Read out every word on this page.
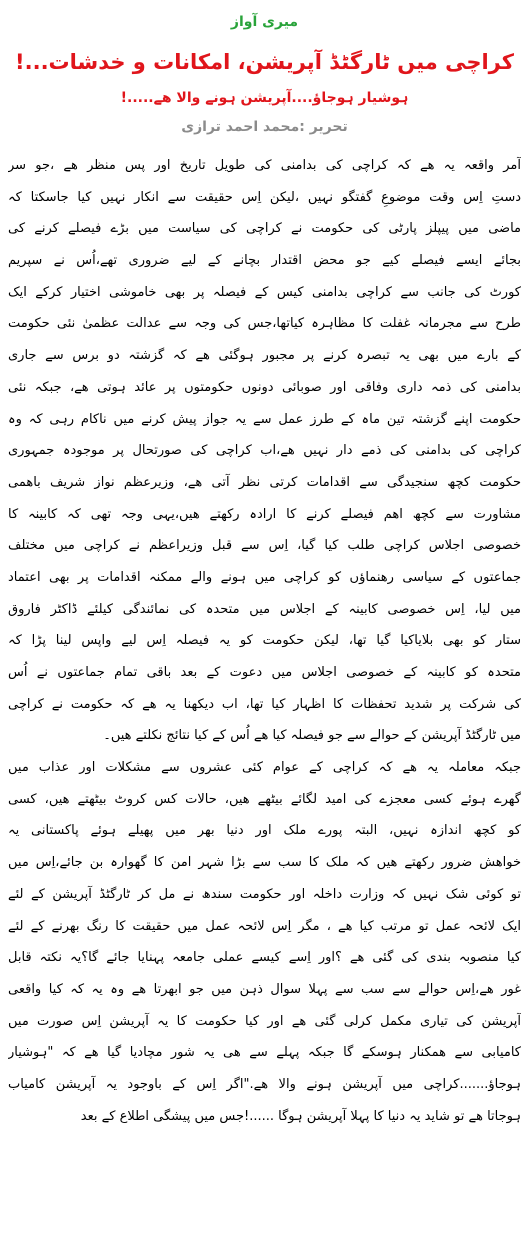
میری آواز
کراچی میں ٹارگٹڈ آپریشن، امکانات و خدشات...!
ہوشیار ہوجاؤ....آپریشن ہونے والا ھے.....!
تحریر :محمد احمد ترازی
آمر واقعہ یہ ھے کہ کراچی کی بدامنی کی طویل تاریخ اور پس منظر ھے ،جو سر
دستِ اِس وقت موضوعِ گفتگو نہیں ،لیکن اِس حقیقت سے انکار نہیں کیا جاسکتا کہ
ماضی میں پیپلز پارٹی کی حکومت نے کراچی کی سیاست میں بڑے فیصلے کرنے کی
بجائے ایسے فیصلے کیے جو محض اقتدار بچانے کے لیے ضروری تھے،اُس نے سپریم
کورٹ کی جانب سے کراچی بدامنی کیس کے فیصلہ پر بھی خاموشی اختیار کرکے ایک
طرح سے مجرمانہ غفلت کا مظاہرہ کیاتھا،جس کی وجہ سے عدالت عظمیٰ نئی حکومت
کے بارے میں بھی یہ تبصرہ کرنے پر مجبور ہوگئی ھے کہ گزشتہ دو برس سے جاری
بدامنی کی ذمہ داری وفاقی اور صوبائی دونوں حکومتوں پر عائد ہوتی ھے، جبکہ نئی
حکومت اپنے گزشتہ تین ماہ کے طرز عمل سے یہ جواز پیش کرنے میں ناکام رہی کہ وہ
کراچی کی بدامنی کی ذمے دار نہیں ھے،اب کراچی کی صورتحال پر موجودہ جمہوری
حکومت کچھ سنجیدگی سے اقدامات کرتی نظر آتی ھے، وزیرعظم نواز شریف باھمی
مشاورت سے کچھ اھم فیصلے کرنے کا ارادہ رکھتے ھیں،یہی وجہ تھی کہ کابینہ کا
خصوصی اجلاس کراچی طلب کیا گیا، اِس سے قبل وزیراعظم نے کراچی میں مختلف
جماعتوں کے سیاسی رھنماؤں کو کراچی میں ہونے والے ممکنہ اقدامات پر بھی اعتماد
میں لیا، اِس خصوصی کابینہ کے اجلاس میں متحدہ کی نمائندگی کیلئے ڈاکٹر فاروق
ستار کو بھی بلایاکیا گیا تھا، لیکن حکومت کو یہ فیصلہ اِس لیے واپس لینا پڑا کہ
متحدہ کو کابینہ کے خصوصی اجلاس میں دعوت کے بعد باقی تمام جماعتوں نے اُس
کی شرکت پر شدید تحفظات کا اظہار کیا تھا، اب دیکھنا یہ ھے کہ حکومت نے کراچی
میں ٹارگٹڈ آپریشن کے حوالے سے جو فیصلہ کیا ھے اُس کے کیا نتائج نکلتے ھیں۔
جبکہ معاملہ یہ ھے کہ کراچی کے عوام کئی عشروں سے مشکلات اور عذاب میں
گھرے ہوئے کسی معجزے کی امید لگائے بیٹھے ھیں، حالات کس کروٹ بیٹھتے ھیں، کسی
کو کچھ اندازہ نہیں، البتہ پورے ملک اور دنیا بھر میں پھیلے ہوئے پاکستانی یہ
خواھش ضرور رکھتے ھیں کہ ملک کا سب سے بڑا شہر امن کا گھوارہ بن جائے،اِس میں
تو کوئی شک نہیں کہ وزارت داخلہ اور حکومت سندھ نے مل کر ٹارگٹڈ آپریشن کے لئے
ایک لائحہ عمل تو مرتب کیا ھے ، مگر اِس لائحہ عمل میں حقیقت کا رنگ بھرنے کے لئے
کیا منصوبہ بندی کی گئی ھے ؟اور اِسے کیسے عملی جامعہ پہنایا جائے گا؟یہ نکتہ قابل
غور ھے،اِس حوالے سے سب سے پہلا سوال ذہن میں جو ابھرتا ھے وہ یہ کہ کیا واقعی
آپریشن کی تیاری مکمل کرلی گئی ھے اور کیا حکومت کا یہ آپریشن اِس صورت میں
کامیابی سے ھمکنار ہوسکے گا جبکہ پہلے سے ھی یہ شور مچادیا گیا ھے کہ "ہوشیار
ہوجاؤ.......کراچی میں آپریشن ہونے والا ھے."اگر اِس کے باوجود یہ آپریشن کامیاب
ہوجاتا ھے تو شاید یہ دنیا کا پہلا آپریشن ہوگا ......!جس میں پیشگی اطلاع کے بعد
